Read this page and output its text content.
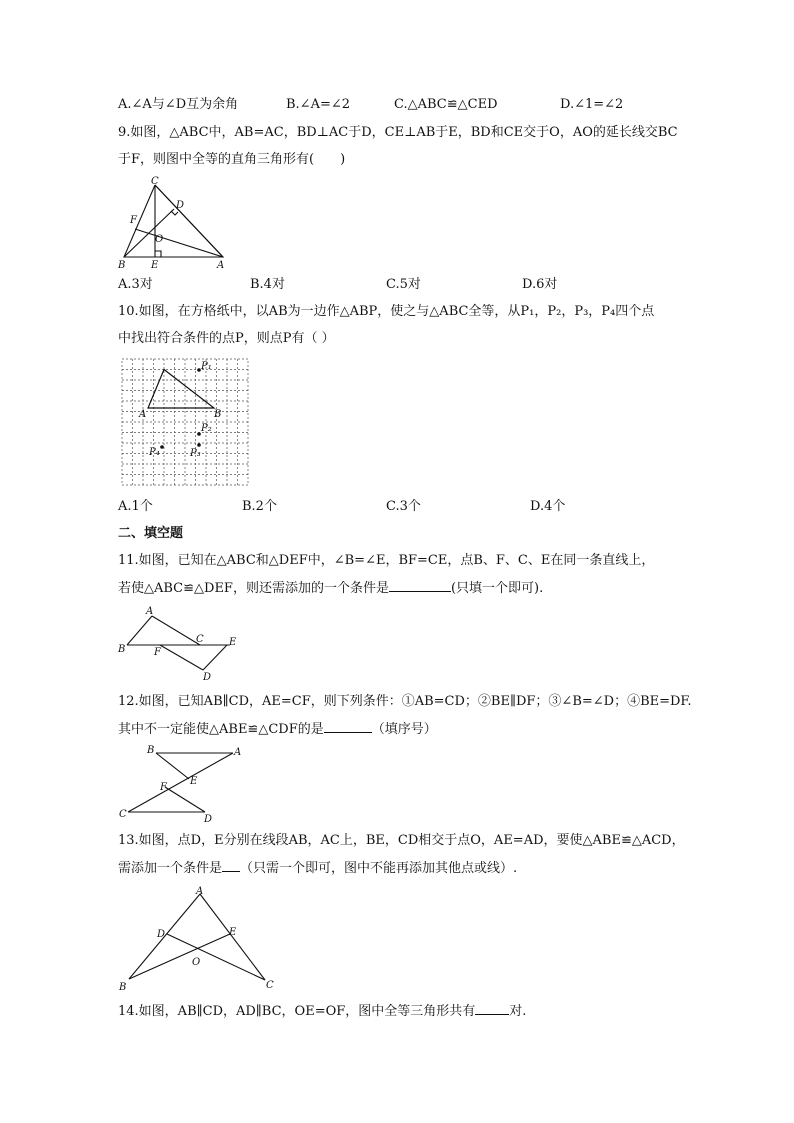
A.∠A与∠D互为余角	B.∠A=∠2	C.△ABC≌△CED	D.∠1=∠2
9.如图，△ABC中，AB=AC，BD⊥AC于D，CE⊥AB于E，BD和CE交于O，AO的延长线交BC
于F，则图中全等的直角三角形有(　　)
C
D
F
O
B	E	A
A.3对	B.4对	C.5对	D.6对
10.如图，在方格纸中，以AB为一边作△ABP，使之与△ABC全等，从P₁，P₂，P₃，P₄四个点
中找出符合条件的点P，则点P有（ ）
A	B
P₁
P₂
P₃
P₄
A.1个	B.2个	C.3个	D.4个
二、填空题
11.如图，已知在△ABC和△DEF中，∠B=∠E，BF=CE，点B、F、C、E在同一条直线上，
若使△ABC≌△DEF，则还需添加的一个条件是	(只填一个即可).
A
B
C	E
F
D
12.如图，已知AB∥CD，AE=CF，则下列条件：①AB=CD；②BE∥DF；③∠B=∠D；④BE=DF.
其中不一定能使△ABE≌△CDF的是	（填序号）
B	A
F
E
C	D
13.如图，点D，E分别在线段AB，AC上，BE，CD相交于点O，AE=AD，要使△ABE≌△ACD，
需添加一个条件是 （只需一个即可，图中不能再添加其他点或线）.
A
D	E
O
B	C
14.如图，AB∥CD，AD∥BC，OE=OF，图中全等三角形共有	对.
